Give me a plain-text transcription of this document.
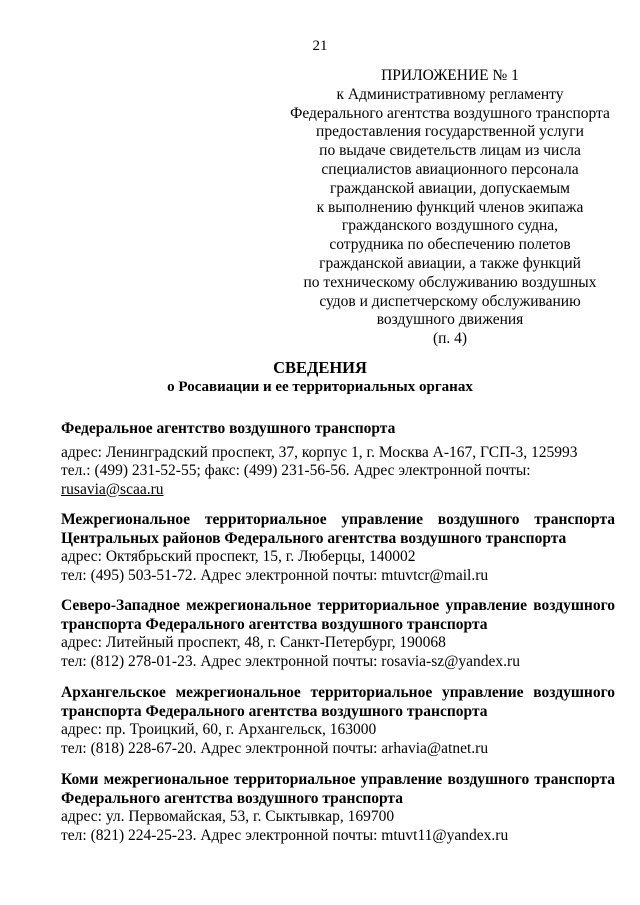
21
ПРИЛОЖЕНИЕ № 1
к Административному регламенту
Федерального агентства воздушного транспорта
предоставления государственной услуги
по выдаче свидетельств лицам из числа
специалистов авиационного персонала
гражданской авиации, допускаемым
к выполнению функций членов экипажа
гражданского воздушного судна,
сотрудника по обеспечению полетов
гражданской авиации, а также функций
по техническому обслуживанию воздушных
судов и диспетчерскому обслуживанию
воздушного движения
(п. 4)
СВЕДЕНИЯ
о Росавиации и ее территориальных органах
Федеральное агентство воздушного транспорта
адрес: Ленинградский проспект, 37, корпус 1, г. Москва А-167, ГСП-3, 125993
тел.: (499) 231-52-55; факс: (499) 231-56-56. Адрес электронной почты:
rusavia@scaa.ru
Межрегиональное территориальное управление воздушного транспорта
Центральных районов Федерального агентства воздушного транспорта
адрес: Октябрьский проспект, 15, г. Люберцы, 140002
тел: (495) 503-51-72. Адрес электронной почты: mtuvtcr@mail.ru
Северо-Западное межрегиональное территориальное управление воздушного
транспорта Федерального агентства воздушного транспорта
адрес: Литейный проспект, 48, г. Санкт-Петербург, 190068
тел: (812) 278-01-23. Адрес электронной почты: rosavia-sz@yandex.ru
Архангельское межрегиональное территориальное управление воздушного
транспорта Федерального агентства воздушного транспорта
адрес: пр. Троицкий, 60, г. Архангельск, 163000
тел: (818) 228-67-20. Адрес электронной почты: arhavia@atnet.ru
Коми межрегиональное территориальное управление воздушного транспорта
Федерального агентства воздушного транспорта
адрес: ул. Первомайская, 53, г. Сыктывкар, 169700
тел: (821) 224-25-23. Адрес электронной почты: mtuvt11@yandex.ru
